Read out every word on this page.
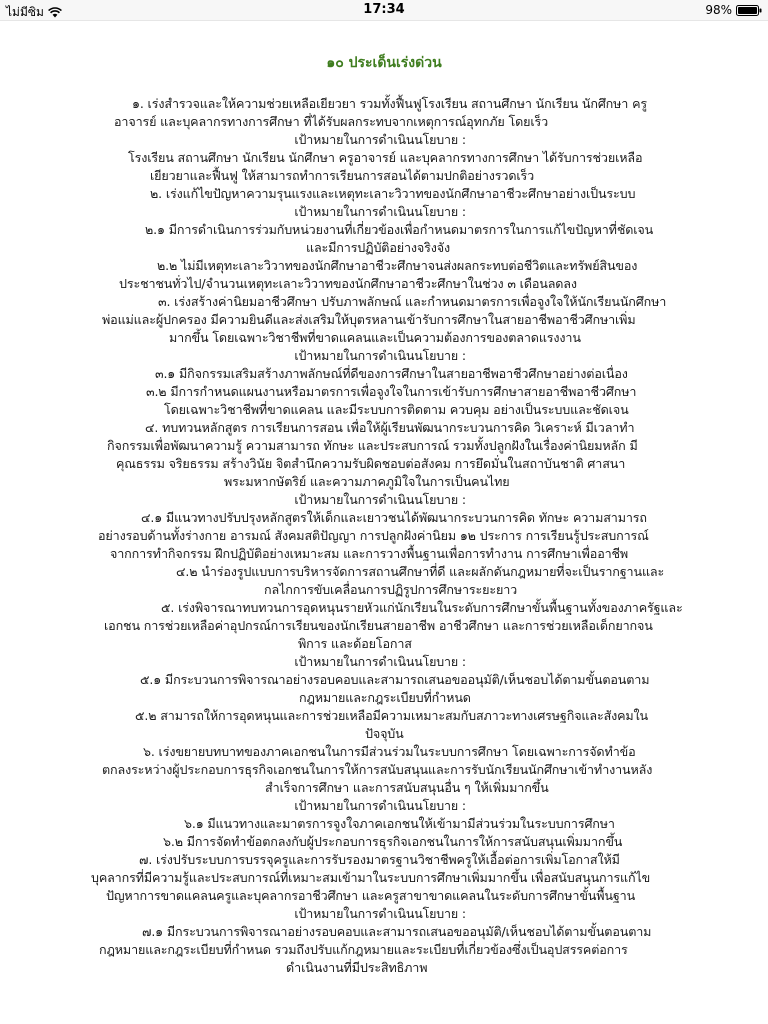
ไม่มีซิม	17:34	98%
๑๐ ประเด็นเร่งด่วน
๑. เร่งสำรวจและให้ความช่วยเหลือเยียวยา รวมทั้งฟื้นฟูโรงเรียน สถานศึกษา นักเรียน นักศึกษา ครู
อาจารย์ และบุคลากรทางการศึกษา ที่ได้รับผลกระทบจากเหตุการณ์อุทกภัย โดยเร็ว
เป้าหมายในการดำเนินนโยบาย :
โรงเรียน สถานศึกษา นักเรียน นักศึกษา ครูอาจารย์ และบุคลากรทางการศึกษา ได้รับการช่วยเหลือ
เยียวยาและฟื้นฟู ให้สามารถทำการเรียนการสอนได้ตามปกติอย่างรวดเร็ว
๒. เร่งแก้ไขปัญหาความรุนแรงและเหตุทะเลาะวิวาทของนักศึกษาอาชีวะศึกษาอย่างเป็นระบบ
เป้าหมายในการดำเนินนโยบาย :
๒.๑ มีการดำเนินการร่วมกับหน่วยงานที่เกี่ยวข้องเพื่อกำหนดมาตรการในการแก้ไขปัญหาที่ชัดเจน
และมีการปฏิบัติอย่างจริงจัง
๒.๒ ไม่มีเหตุทะเลาะวิวาทของนักศึกษาอาชีวะศึกษาจนส่งผลกระทบต่อชีวิตและทรัพย์สินของ
ประชาชนทั่วไป/จำนวนเหตุทะเลาะวิวาทของนักศึกษาอาชีวะศึกษาในช่วง ๓ เดือนลดลง
๓. เร่งสร้างค่านิยมอาชีวศึกษา ปรับภาพลักษณ์ และกำหนดมาตรการเพื่อจูงใจให้นักเรียนนักศึกษา
พ่อแม่และผู้ปกครอง มีความยินดีและส่งเสริมให้บุตรหลานเข้ารับการศึกษาในสายอาชีพอาชีวศึกษาเพิ่ม
มากขึ้น โดยเฉพาะวิชาชีพที่ขาดแคลนและเป็นความต้องการของตลาดแรงงาน
เป้าหมายในการดำเนินนโยบาย :
๓.๑ มีกิจกรรมเสริมสร้างภาพลักษณ์ที่ดีของการศึกษาในสายอาชีพอาชีวศึกษาอย่างต่อเนื่อง
๓.๒ มีการกำหนดแผนงานหรือมาตรการเพื่อจูงใจในการเข้ารับการศึกษาสายอาชีพอาชีวศึกษา
โดยเฉพาะวิชาชีพที่ขาดแคลน และมีระบบการติดตาม ควบคุม อย่างเป็นระบบและชัดเจน
๔. ทบทวนหลักสูตร การเรียนการสอน เพื่อให้ผู้เรียนพัฒนากระบวนการคิด วิเคราะห์ มีเวลาทำ
กิจกรรมเพื่อพัฒนาความรู้ ความสามารถ ทักษะ และประสบการณ์ รวมทั้งปลูกฝังในเรื่องค่านิยมหลัก มี
คุณธรรม จริยธรรม สร้างวินัย จิตสำนึกความรับผิดชอบต่อสังคม การยึดมั่นในสถาบันชาติ ศาสนา
พระมหากษัตริย์ และความภาคภูมิใจในการเป็นคนไทย
เป้าหมายในการดำเนินนโยบาย :
๔.๑ มีแนวทางปรับปรุงหลักสูตรให้เด็กและเยาวชนได้พัฒนากระบวนการคิด ทักษะ ความสามารถ
อย่างรอบด้านทั้งร่างกาย อารมณ์ สังคมสติปัญญา การปลูกฝังค่านิยม ๑๒ ประการ การเรียนรู้ประสบการณ์
จากการทำกิจกรรม ฝึกปฏิบัติอย่างเหมาะสม และการวางพื้นฐานเพื่อการทำงาน การศึกษาเพื่ออาชีพ
๔.๒ นำร่องรูปแบบการบริหารจัดการสถานศึกษาที่ดี และผลักดันกฎหมายที่จะเป็นรากฐานและ
กลไกการขับเคลื่อนการปฏิรูปการศึกษาระยะยาว
๕. เร่งพิจารณาทบทวนการอุดหนุนรายหัวแก่นักเรียนในระดับการศึกษาขั้นพื้นฐานทั้งของภาครัฐและ
เอกชน การช่วยเหลือค่าอุปกรณ์การเรียนของนักเรียนสายอาชีพ อาชีวศึกษา และการช่วยเหลือเด็กยากจน
พิการ และด้อยโอกาส
เป้าหมายในการดำเนินนโยบาย :
๕.๑ มีกระบวนการพิจารณาอย่างรอบคอบและสามารถเสนอขออนุมัติ/เห็นชอบได้ตามขั้นตอนตาม
กฎหมายและกฎระเบียบที่กำหนด
๕.๒ สามารถให้การอุดหนุนและการช่วยเหลือมีความเหมาะสมกับสภาวะทางเศรษฐกิจและสังคมใน
ปัจจุบัน
๖. เร่งขยายบทบาทของภาคเอกชนในการมีส่วนร่วมในระบบการศึกษา โดยเฉพาะการจัดทำข้อ
ตกลงระหว่างผู้ประกอบการธุรกิจเอกชนในการให้การสนับสนุนและการรับนักเรียนนักศึกษาเข้าทำงานหลัง
สำเร็จการศึกษา และการสนับสนุนอื่น ๆ ให้เพิ่มมากขึ้น
เป้าหมายในการดำเนินนโยบาย :
๖.๑ มีแนวทางและมาตรการจูงใจภาคเอกชนให้เข้ามามีส่วนร่วมในระบบการศึกษา
๖.๒ มีการจัดทำข้อตกลงกับผู้ประกอบการธุรกิจเอกชนในการให้การสนับสนุนเพิ่มมากขึ้น
๗. เร่งปรับระบบการบรรจุครูและการรับรองมาตรฐานวิชาชีพครูให้เอื้อต่อการเพิ่มโอกาสให้มี
บุคลากรที่มีความรู้และประสบการณ์ที่เหมาะสมเข้ามาในระบบการศึกษาเพิ่มมากขึ้น เพื่อสนับสนุนการแก้ไข
ปัญหาการขาดแคลนครูและบุคลากรอาชีวศึกษา และครูสาขาขาดแคลนในระดับการศึกษาขั้นพื้นฐาน
เป้าหมายในการดำเนินนโยบาย :
๗.๑ มีกระบวนการพิจารณาอย่างรอบคอบและสามารถเสนอขออนุมัติ/เห็นชอบได้ตามขั้นตอนตาม
กฎหมายและกฎระเบียบที่กำหนด รวมถึงปรับแก้กฎหมายและระเบียบที่เกี่ยวข้องซึ่งเป็นอุปสรรคต่อการ
ดำเนินงานที่มีประสิทธิภาพ
